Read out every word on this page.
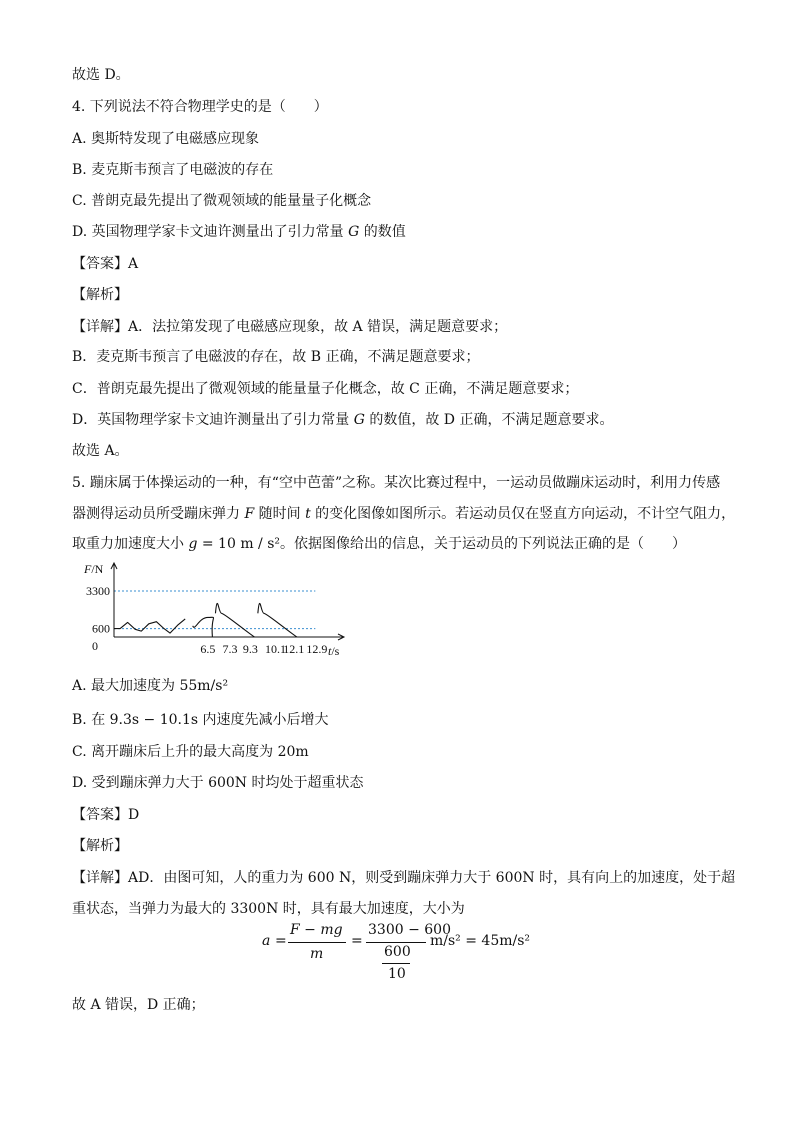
故选 D。
4. 下列说法不符合物理学史的是（　　）
A. 奥斯特发现了电磁感应现象
B. 麦克斯韦预言了电磁波的存在
C. 普朗克最先提出了微观领域的能量量子化概念
D. 英国物理学家卡文迪许测量出了引力常量 G 的数值
【答案】A
【解析】
【详解】A．法拉第发现了电磁感应现象，故 A 错误，满足题意要求；
B．麦克斯韦预言了电磁波的存在，故 B 正确，不满足题意要求；
C．普朗克最先提出了微观领域的能量量子化概念，故 C 正确，不满足题意要求；
D．英国物理学家卡文迪许测量出了引力常量 G 的数值，故 D 正确，不满足题意要求。
故选 A。
5. 蹦床属于体操运动的一种，有“空中芭蕾”之称。某次比赛过程中，一运动员做蹦床运动时，利用力传感
器测得运动员所受蹦床弹力 F 随时间 t 的变化图像如图所示。若运动员仅在竖直方向运动，不计空气阻力，
取重力加速度大小 g = 10 m / s²。依据图像给出的信息，关于运动员的下列说法正确的是（　　）
F/N
3300
600
0	6.5 7.3 9.3 10.1
12.1 12.9 t/s
A. 最大加速度为 55m/s²
B. 在 9.3s − 10.1s 内速度先减小后增大
C. 离开蹦床后上升的最大高度为 20m
D. 受到蹦床弹力大于 600N 时均处于超重状态
【答案】D
【解析】
【详解】AD．由图可知，人的重力为 600 N，则受到蹦床弹力大于 600N 时，具有向上的加速度，处于超
重状态，当弹力为最大的 3300N 时，具有最大加速度，大小为
a =
F − mg
m
=
3300 − 600
600
10
m/s² = 45m/s²
故 A 错误，D 正确；
